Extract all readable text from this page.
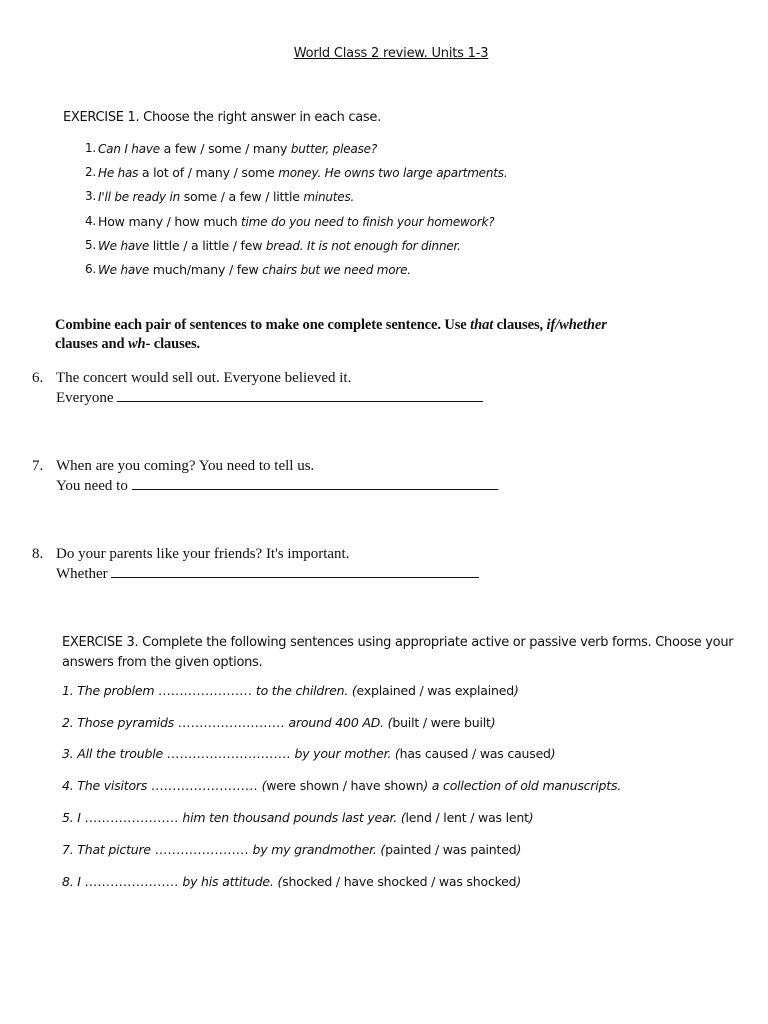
World Class 2 review. Units 1-3
EXERCISE 1. Choose the right answer in each case.
1. Can I have a few / some / many butter, please?
2. He has a lot of / many / some money. He owns two large apartments.
3. I'll be ready in some / a few / little minutes.
4. How many / how much time do you need to finish your homework?
5. We have little / a little / few bread. It is not enough for dinner.
6. We have much/many / few chairs but we need more.
Combine each pair of sentences to make one complete sentence. Use that clauses, if/whether
clauses and wh- clauses.
6. The concert would sell out. Everyone believed it.
Everyone
7. When are you coming? You need to tell us.
You need to
8. Do your parents like your friends? It's important.
Whether
EXERCISE 3. Complete the following sentences using appropriate active or passive verb forms. Choose your
answers from the given options.
1. The problem ...................... to the children. (explained / was explained)
2. Those pyramids ......................... around 400 AD. (built / were built)
3. All the trouble ............................. by your mother. (has caused / was caused)
4. The visitors ......................... (were shown / have shown) a collection of old manuscripts.
5. I ...................... him ten thousand pounds last year. (lend / lent / was lent)
7. That picture ...................... by my grandmother. (painted / was painted)
8. I ...................... by his attitude. (shocked / have shocked / was shocked)
